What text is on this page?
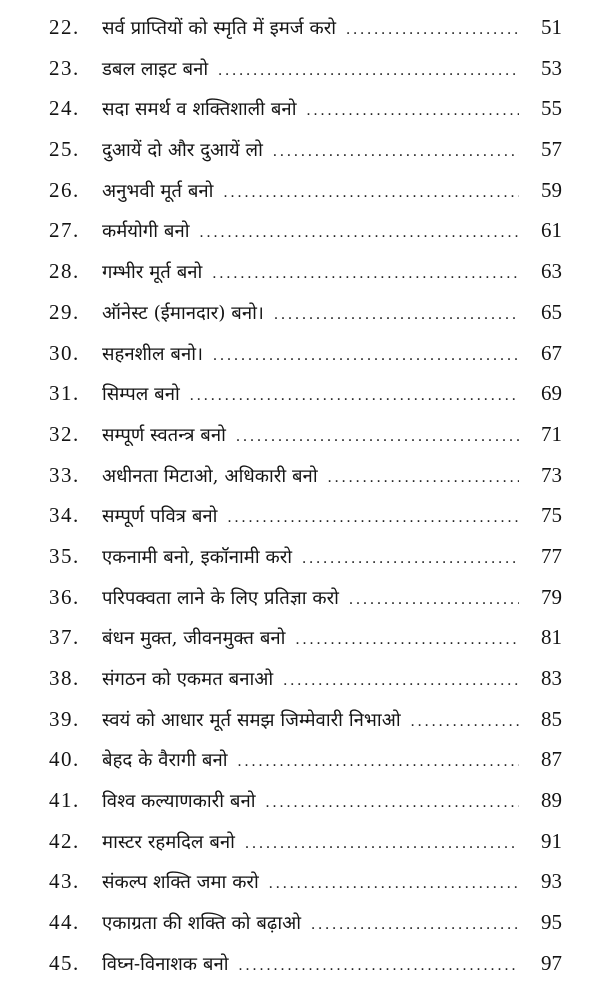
22.	सर्व प्राप्तियों को स्मृति में इमर्ज करो .....	51
23.	डबल लाइट बनो .....	53
24.	सदा समर्थ व शक्तिशाली बनो .....	55
25.	दुआयें दो और दुआयें लो .....	57
26.	अनुभवी मूर्त बनो .....	59
27.	कर्मयोगी बनो .....	61
28.	गम्भीर मूर्त बनो .....	63
29.	ऑनेस्ट (ईमानदार) बनो। .....	65
30.	सहनशील बनो। .....	67
31.	सिम्पल बनो .....	69
32.	सम्पूर्ण स्वतन्त्र बनो .....	71
33.	अधीनता मिटाओ, अधिकारी बनो .....	73
34.	सम्पूर्ण पवित्र बनो .....	75
35.	एकनामी बनो, इकॉनामी करो .....	77
36.	परिपक्वता लाने के लिए प्रतिज्ञा करो .....	79
37.	बंधन मुक्त, जीवनमुक्त बनो .....	81
38.	संगठन को एकमत बनाओ .....	83
39.	स्वयं को आधार मूर्त समझ जिम्मेवारी निभाओ .....	85
40.	बेहद के वैरागी बनो .....	87
41.	विश्व कल्याणकारी बनो .....	89
42.	मास्टर रहमदिल बनो .....	91
43.	संकल्प शक्ति जमा करो .....	93
44.	एकाग्रता की शक्ति को बढ़ाओ .....	95
45.	विघ्न-विनाशक बनो .....	97
